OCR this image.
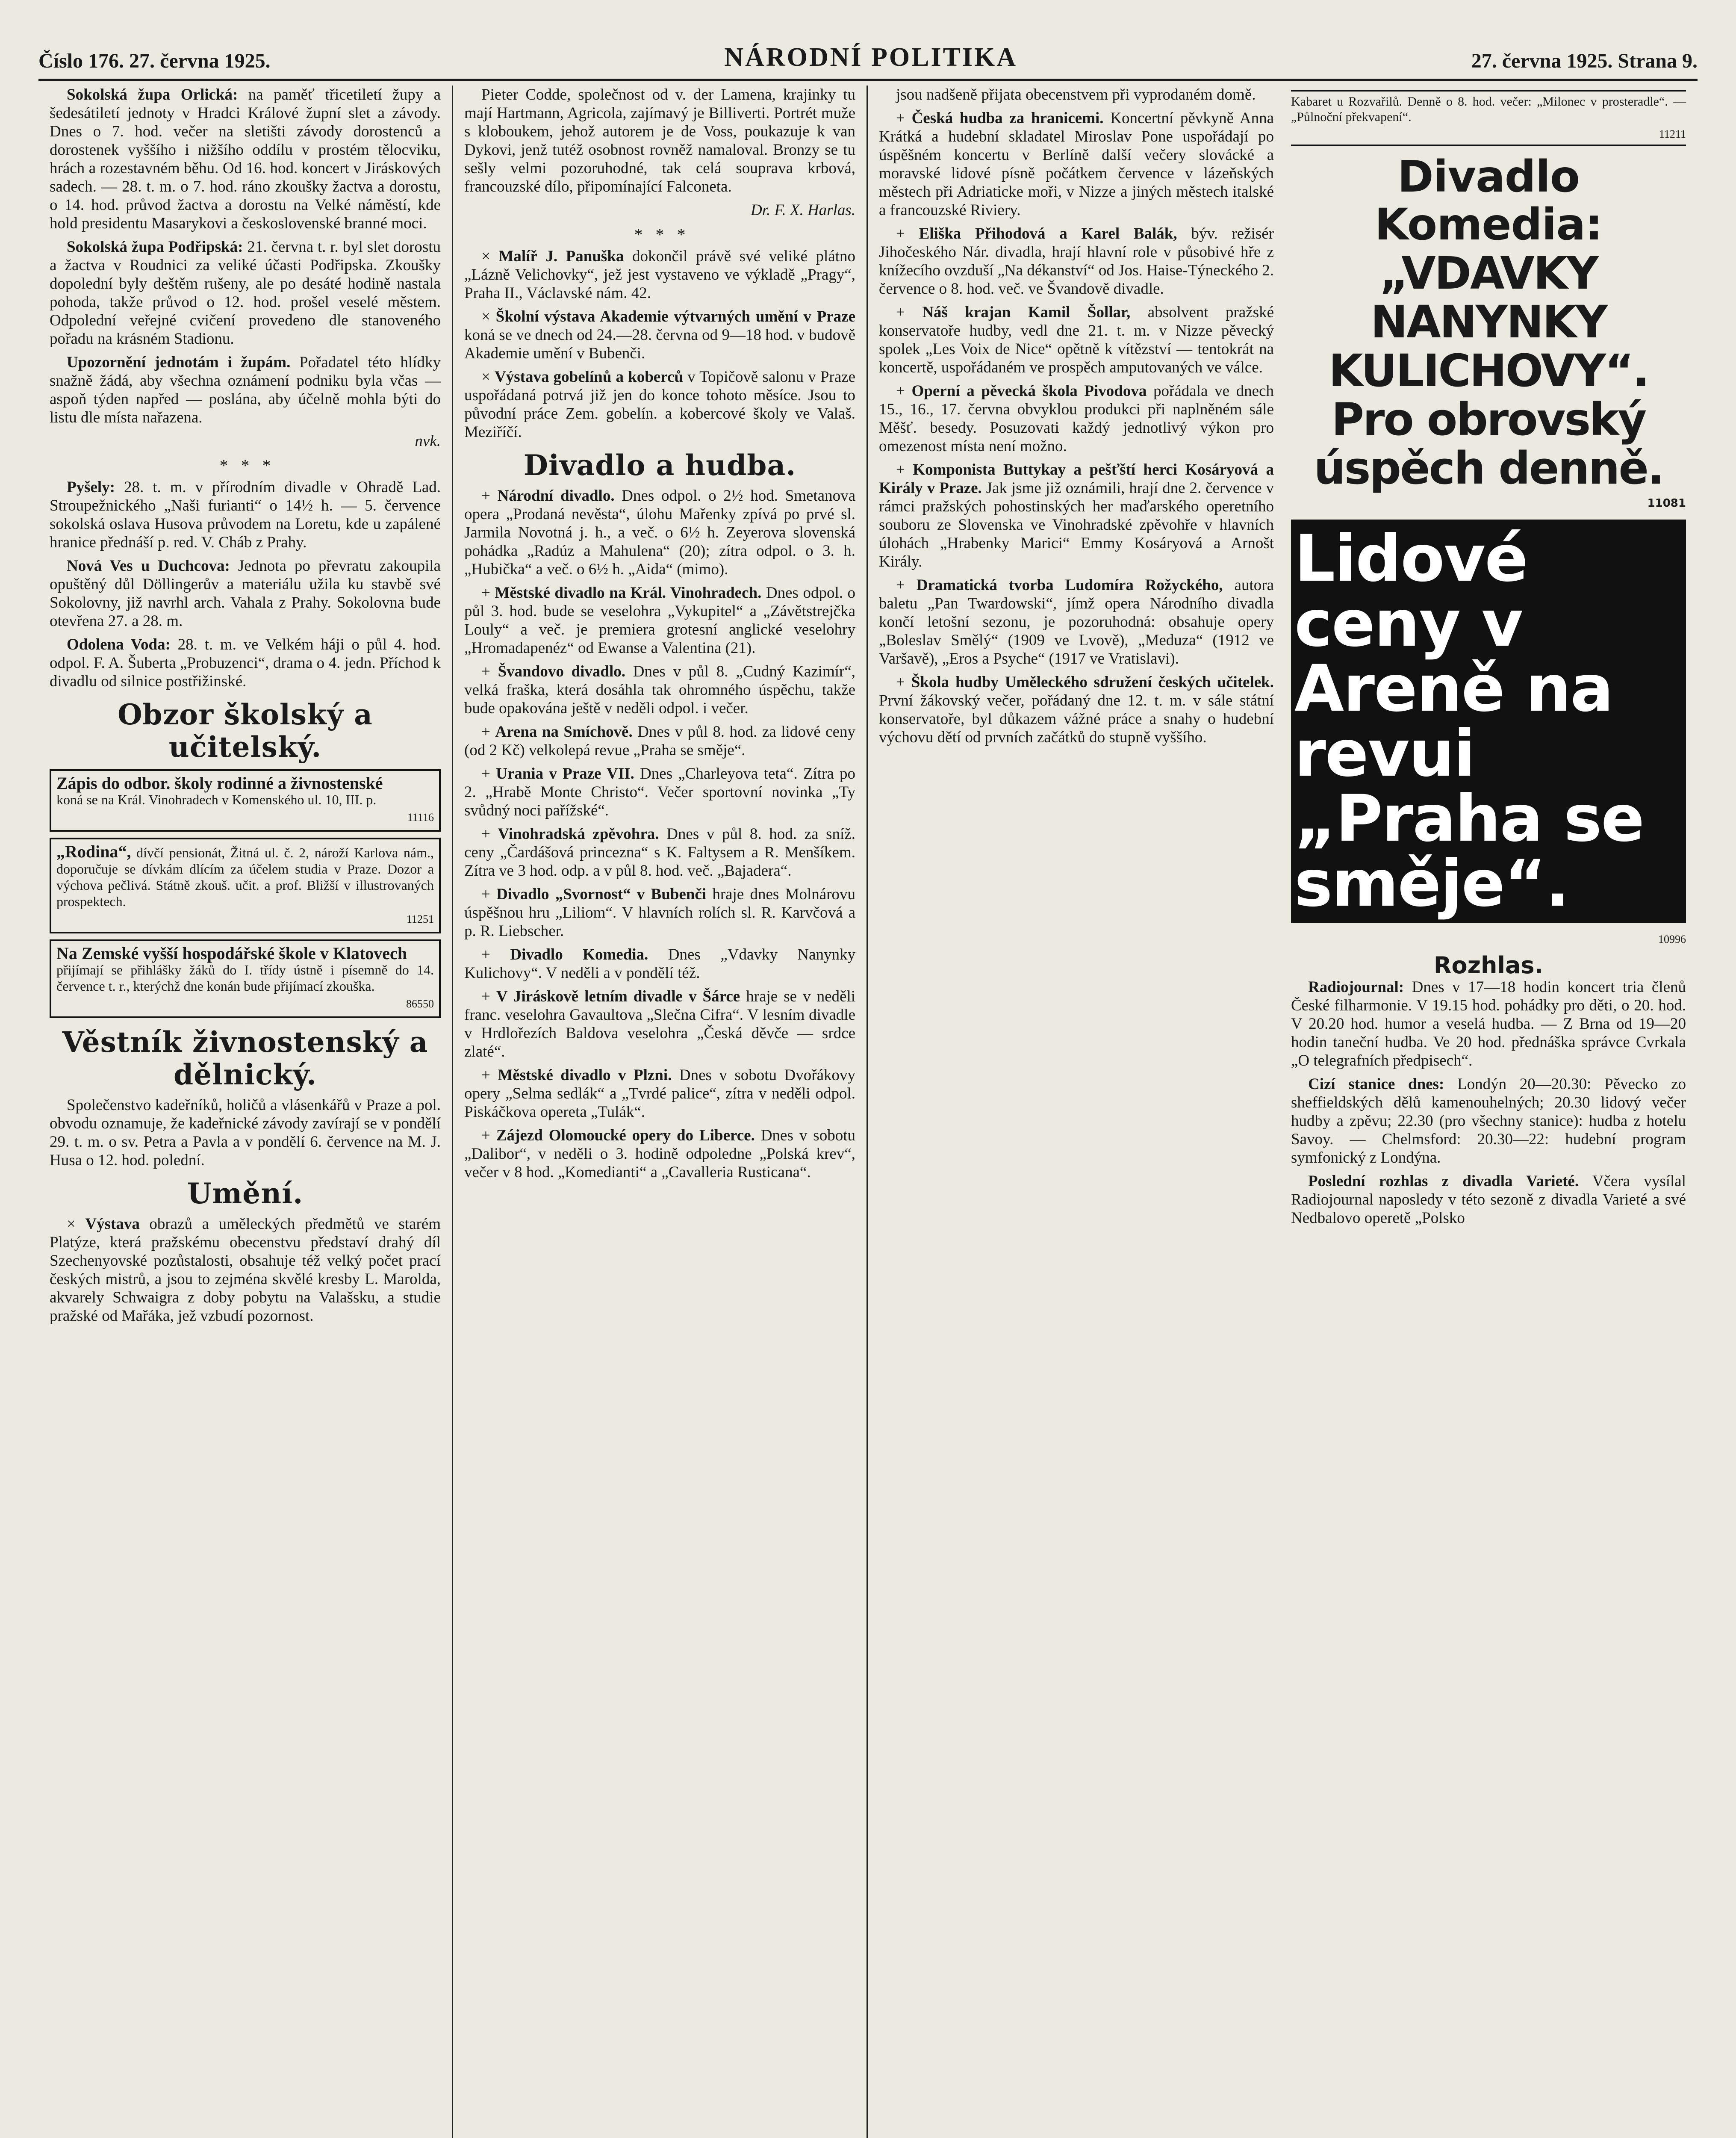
Číslo 176. 27. června 1925.	NÁRODNÍ POLITIKA	27. června 1925. Strana 9.

Sokolská župa Orlická: na paměť třicetiletí župy a šedesátiletí jednoty v Hradci Králové župní slet a závody. Dnes o 7. hod. večer na sletišti závody dorostenců a dorostenek vyššího i nižšího oddílu v prostém tělocviku, hrách a rozestavném běhu. Od 16. hod. koncert v Jiráskových sadech. — 28. t. m. o 7. hod. ráno zkoušky žactva a dorostu, o 14. hod. průvod žactva a dorostu na Velké náměstí, kde hold presidentu Masarykovi a československé branné moci.

Sokolská župa Podřipská: 21. června t. r. byl slet dorostu a žactva v Roudnici za veliké účasti Podřipska. Zkoušky dopolední byly deštěm rušeny, ale po desáté hodině nastala pohoda, takže průvod o 12. hod. prošel veselé městem. Odpolední veřejné cvičení provedeno dle stanoveného pořadu na krásném Stadionu.

Upozornění jednotám i župám. Pořadatel této hlídky snažně žádá, aby všechna oznámení podniku byla včas — aspoň týden napřed — poslána, aby účelně mohla býti do listu dle místa nařazena.

nvk.
*   *   *

Pyšely: 28. t. m. v přírodním divadle v Ohradě Lad. Stroupežnického „Naši furianti“ o 14½ h. — 5. července sokolská oslava Husova průvodem na Loretu, kde u zapálené hranice přednáší p. red. V. Cháb z Prahy.

Nová Ves u Duchcova: Jednota po převratu zakoupila opuštěný důl Döllingerův a materiálu užila ku stavbě své Sokolovny, již navrhl arch. Vahala z Prahy. Sokolovna bude otevřena 27. a 28. m.

Odolena Voda: 28. t. m. ve Velkém háji o půl 4. hod. odpol. F. A. Šuberta „Probuzenci“, drama o 4. jedn. Příchod k divadlu od silnice postřižinské.

Obzor školský a učitelský.
Zápis do odbor. školy rodinné a živnostenské
koná se na Král. Vinohradech v Komenského ul. 10, III. p.
11116
„Rodina“, dívčí pensionát, Žitná ul. č. 2, nároží Karlova nám., doporučuje se dívkám dlícím za účelem studia v Praze. Dozor a výchova pečlivá. Státně zkouš. učit. a prof. Bližší v illustrovaných prospektech.
11251
Na Zemské vyšší hospodářské škole v Klatovech
přijímají se přihlášky žáků do I. třídy ústně i písemně do 14. července t. r., kterýchž dne konán bude přijímací zkouška.
86550
Věstník živnostenský a dělnický.

Společenstvo kadeřníků, holičů a vlásenkářů v Praze a pol. obvodu oznamuje, že kadeřnické závody zavírají se v pondělí 29. t. m. o sv. Petra a Pavla a v pondělí 6. července na M. J. Husa o 12. hod. polední.

Umění.

× Výstava obrazů a uměleckých předmětů ve starém Platýze, která pražskému obecenstvu představí drahý díl Szechenyovské pozůstalosti, obsahuje též velký počet prací českých mistrů, a jsou to zejména skvělé kresby L. Marolda, akvarely Schwaigra z doby pobytu na Valašsku, a studie pražské od Mařáka, jež vzbudí pozornost.

Pieter Codde, společnost od v. der Lamena, krajinky tu mají Hartmann, Agricola, zajímavý je Billiverti. Portrét muže s kloboukem, jehož autorem je de Voss, poukazuje k van Dykovi, jenž tutéž osobnost rovněž namaloval. Bronzy se tu sešly velmi pozoruhodné, tak celá souprava krbová, francouzské dílo, připomínající Falconeta.

Dr. F. X. Harlas.
*   *   *

× Malíř J. Panuška dokončil právě své veliké plátno „Lázně Velichovky“, jež jest vystaveno ve výkladě „Pragy“, Praha II., Václavské nám. 42.

× Školní výstava Akademie výtvarných umění v Praze koná se ve dnech od 24.—28. června od 9—18 hod. v budově Akademie umění v Bubenči.

× Výstava gobelínů a koberců v Topičově salonu v Praze uspořádaná potrvá již jen do konce tohoto měsíce. Jsou to původní práce Zem. gobelín. a kobercové školy ve Valaš. Meziříčí.

Divadlo a hudba.

+ Národní divadlo. Dnes odpol. o 2½ hod. Smetanova opera „Prodaná nevěsta“, úlohu Mařenky zpívá po prvé sl. Jarmila Novotná j. h., a več. o 6½ h. Zeyerova slovenská pohádka „Radúz a Mahulena“ (20); zítra odpol. o 3. h. „Hubička“ a več. o 6½ h. „Aida“ (mimo).

+ Městské divadlo na Král. Vinohradech. Dnes odpol. o půl 3. hod. bude se veselohra „Vykupitel“ a „Závětstrejčka Louly“ a več. je premiera grotesní anglické veselohry „Hromadapenéz“ od Ewanse a Valentina (21).

+ Švandovo divadlo. Dnes v půl 8. „Cudný Kazimír“, velká fraška, která dosáhla tak ohromného úspěchu, takže bude opakována ještě v neděli odpol. i večer.

+ Arena na Smíchově. Dnes v půl 8. hod. za lidové ceny (od 2 Kč) velkolepá revue „Praha se směje“.

+ Urania v Praze VII. Dnes „Charleyova teta“. Zítra po 2. „Hrabě Monte Christo“. Večer sportovní novinka „Ty svůdný noci pařížské“.

+ Vinohradská zpěvohra. Dnes v půl 8. hod. za sníž. ceny „Čardášová princezna“ s K. Faltysem a R. Menšíkem. Zítra ve 3 hod. odp. a v půl 8. hod. več. „Bajadera“.

+ Divadlo „Svornost“ v Bubenči hraje dnes Molnárovu úspěšnou hru „Liliom“. V hlavních rolích sl. R. Karvčová a p. R. Liebscher.

+ Divadlo Komedia. Dnes „Vdavky Nanynky Kulichovy“. V neděli a v pondělí též.

+ V Jiráskově letním divadle v Šárce hraje se v neděli franc. veselohra Gavaultova „Slečna Cifra“. V lesním divadle v Hrdlořezích Baldova veselohra „Česká děvče — srdce zlaté“.

+ Městské divadlo v Plzni. Dnes v sobotu Dvořákovy opery „Selma sedlák“ a „Tvrdé palice“, zítra v neděli odpol. Piskáčkova opereta „Tulák“.

+ Zájezd Olomoucké opery do Liberce. Dnes v sobotu „Dalibor“, v neděli o 3. hodině odpoledne „Polská krev“, večer v 8 hod. „Komedianti“ a „Cavalleria Rusticana“.

jsou nadšeně přijata obecenstvem při vyprodaném domě.

+ Česká hudba za hranicemi. Koncertní pěvkyně Anna Krátká a hudební skladatel Miroslav Pone uspořádají po úspěšném koncertu v Berlíně další večery slovácké a moravské lidové písně počátkem července v lázeňských městech při Adriaticke moři, v Nizze a jiných městech italské a francouzské Riviery.

+ Eliška Přihodová a Karel Balák, býv. režisér Jihočeského Nár. divadla, hrají hlavní role v působivé hře z knížecího ovzduší „Na dékanství“ od Jos. Haise-Týneckého 2. července o 8. hod. več. ve Švandově divadle.

+ Náš krajan Kamil Šollar, absolvent pražské konservatoře hudby, vedl dne 21. t. m. v Nizze pěvecký spolek „Les Voix de Nice“ opětně k vítězství — tentokrát na koncertě, uspořádaném ve prospěch amputovaných ve válce.

+ Operní a pěvecká škola Pivodova pořádala ve dnech 15., 16., 17. června obvyklou produkci při naplněném sále Měšť. besedy. Posuzovati každý jednotlivý výkon pro omezenost místa není možno.

+ Komponista Buttykay a pešťští herci Kosáryová a Király v Praze. Jak jsme již oznámili, hrají dne 2. července v rámci pražských pohostinských her maďarského operetního souboru ze Slovenska ve Vinohradské zpěvohře v hlavních úlohách „Hrabenky Marici“ Emmy Kosáryová a Arnošt Király.

+ Dramatická tvorba Ludomíra Rožyckého, autora baletu „Pan Twardowski“, jímž opera Národního divadla končí letošní sezonu, je pozoruhodná: obsahuje opery „Boleslav Smělý“ (1909 ve Lvově), „Meduza“ (1912 ve Varšavě), „Eros a Psyche“ (1917 ve Vratislavi).

+ Škola hudby Uměleckého sdružení českých učitelek. První žákovský večer, pořádaný dne 12. t. m. v sále státní konservatoře, byl důkazem vážné práce a snahy o hudební výchovu dětí od prvních začátků do stupně vyššího.

Kabaret u Rozvařilů. Denně o 8. hod. večer: „Milonec v prosteradle“. — „Půlnoční překvapení“.
11211
Divadlo Komedia:
„VDAVKY NANYNKY KULICHOVY“.
Pro obrovský úspěch denně.
11081
Lidové ceny v Areně na revui „Praha se směje“.
10996
Rozhlas.

Radiojournal: Dnes v 17—18 hodin koncert tria členů České filharmonie. V 19.15 hod. pohádky pro děti, o 20. hod. V 20.20 hod. humor a veselá hudba. — Z Brna od 19—20 hodin taneční hudba. Ve 20 hod. přednáška správce Cvrkala „O telegrafních předpisech“.

Cizí stanice dnes: Londýn 20—20.30: Pěvecko zo sheffieldských dělů kamenouhelných; 20.30 lidový večer hudby a zpěvu; 22.30 (pro všechny stanice): hudba z hotelu Savoy. — Chelmsford: 20.30—22: hudební program symfonický z Londýna.

Poslední rozhlas z divadla Varieté. Včera vysílal Radiojournal naposledy v této sezoně z divadla Varieté a své Nedbalovo operetě „Polsko
